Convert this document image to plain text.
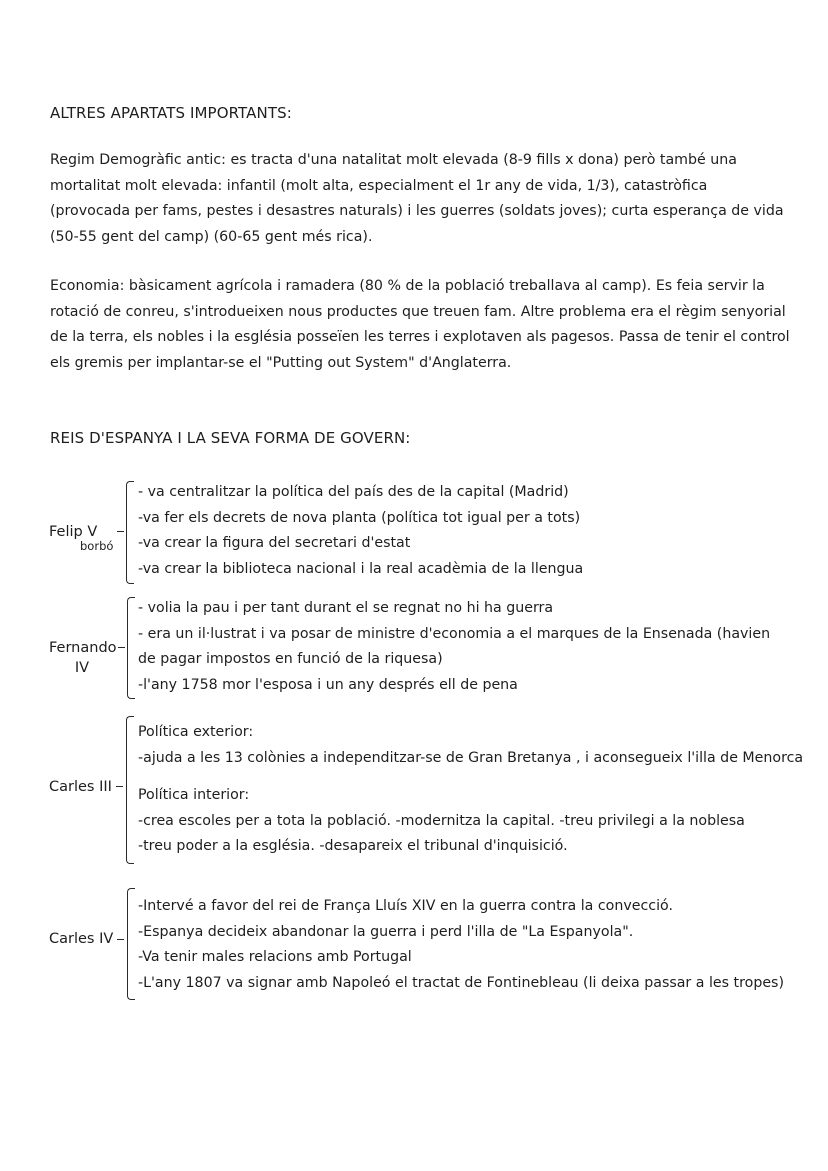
ALTRES APARTATS IMPORTANTS:
Regim Demogràfic antic: es tracta d'una natalitat molt elevada (8-9 fills x dona) però també una mortalitat molt elevada: infantil (molt alta, especialment el 1r any de vida, 1/3), catastròfica (provocada per fams, pestes i desastres naturals) i les guerres (soldats joves); curta esperança de vida (50-55 gent del camp) (60-65 gent més rica).
Economia: bàsicament agrícola i ramadera (80 % de la població treballava al camp). Es feia servir la rotació de conreu, s'introdueixen nous productes que treuen fam. Altre problema era el règim senyorial de la terra, els nobles i la església posseïen les terres i explotaven als pagesos. Passa de tenir el control els gremis per implantar-se el "Putting out System" d'Anglaterra.
REIS D'ESPANYA I LA SEVA FORMA DE GOVERN:
Felip V
borbó
- va centralitzar la política del país des de la capital (Madrid)
-va fer els decrets de nova planta (política tot igual per a tots)
-va crear la figura del secretari d'estat
-va crear la biblioteca nacional i la real acadèmia de la llengua
Fernando
IV
- volia la pau i per tant durant el se regnat no hi ha guerra
- era un il·lustrat i va posar de ministre d'economia a el marques de la Ensenada (havien de pagar impostos en funció de la riquesa)
-l'any 1758 mor l'esposa i un any després ell de pena
Carles III
Política exterior:
-ajuda a les 13 colònies a independitzar-se de Gran Bretanya , i aconsegueix l'illa de Menorca
Política interior:
-crea escoles per a tota la població. -modernitza la capital. -treu privilegi a la noblesa
-treu poder a la església. -desapareix el tribunal d'inquisició.
Carles IV
-Intervé a favor del rei de França Lluís XIV en la guerra contra la convecció.
-Espanya decideix abandonar la guerra i perd l'illa de "La Espanyola".
-Va tenir males relacions amb Portugal
-L'any 1807 va signar amb Napoleó el tractat de Fontinebleau (li deixa passar a les tropes)
